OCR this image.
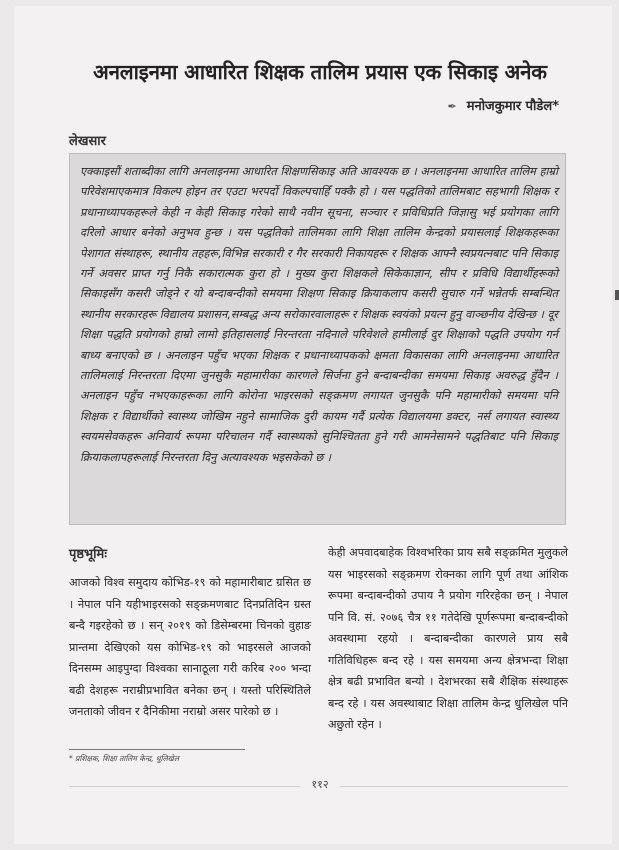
अनलाइनमा आधारित शिक्षक तालिम प्रयास एक सिकाइ अनेक
✒ मनोजकुमार पौडेल*
लेखसार
एक्काइसौं शताब्दीका लागि अनलाइनमा आधारित शिक्षणसिकाइ अति आवश्यक छ । अनलाइनमा आधारित तालिम हाम्रो परिवेशमाएकमात्र विकल्प होइन तर एउटा भरपर्दो विकल्पचाहिँ पक्कै हो । यस पद्धतिको तालिमबाट सहभागी शिक्षक र प्रधानाध्यापकहरूले केही न केही सिकाइ गरेको साथै नवीन सूचना, सञ्चार र प्रविधिप्रति जिज्ञासु भई प्रयोगका लागि दरिलो आधार बनेको अनुभव हुन्छ । यस पद्धतिको तालिमका लागि शिक्षा तालिम केन्द्रको प्रयासलाई शिक्षकहरूका पेशागत संस्थाहरू, स्थानीय तहहरू,विभिन्न सरकारी र गैर सरकारी निकायहरू र शिक्षक आफ्नै स्वप्रयत्नबाट पनि सिकाइ गर्ने अवसर प्राप्त गर्नु निकै सकारात्मक कुरा हो । मुख्य कुरा शिक्षकले सिकेकाज्ञान, सीप र प्रविधि विद्यार्थीहरूको सिकाइसँग कसरी जोड्ने र यो बन्दाबन्दीको समयमा शिक्षण सिकाइ क्रियाकलाप कसरी सुचारु गर्ने भन्नेतर्फ सम्बन्धित स्थानीय सरकारहरू विद्यालय प्रशासन,सम्बद्ध अन्य सरोकारवालाहरू र शिक्षक स्वयंको प्रयत्न हुनु वाञ्छनीय देखिन्छ । दूर शिक्षा पद्धति प्रयोगको हाम्रो लामो इतिहासलाई निरन्तरता नदिनाले परिवेशले हामीलाई दुर शिक्षाको पद्धति उपयोग गर्न बाध्य बनाएको छ । अनलाइन पहुँच भएका शिक्षक र प्रधानाध्यापकको क्षमता विकासका लागि अनलाइनमा आधारित तालिमलाई निरन्तरता दिएमा जुनसुकै महामारीका कारणले सिर्जना हुने बन्दाबन्दीका समयमा सिकाइ अवरुद्ध हुँदैन । अनलाइन पहुँच नभएकाहरूका लागि कोरोना भाइरसको सङ्क्रमण लगायत जुनसुकै पनि महामारीको समयमा पनि शिक्षक र विद्यार्थीको स्वास्थ्य जोखिम नहुने सामाजिक दुरी कायम गर्दै प्रत्येक विद्यालयमा डक्टर, नर्स लगायत स्वास्थ्य स्वयमसेवकहरू अनिवार्य रूपमा परिचालन गर्दै स्वास्थ्यको सुनिश्चितता हुने गरी आमनेसामने पद्धतिबाट पनि सिकाइ क्रियाकलापहरूलाई निरन्तरता दिनु अत्यावश्यक भइसकेको छ ।
पृष्ठभूमिः
आजको विश्व समुदाय कोभिड-१९ को महामारीबाट ग्रसित छ । नेपाल पनि यहीभाइरसको सङ्क्रमणबाट दिनप्रतिदिन ग्रस्त बन्दै गइरहेको छ । सन् २०१९ को डिसेम्बरमा चिनको वुहाङ प्रान्तमा देखिएको यस कोभिड-१९ को भाइरसले आजको दिनसम्म आइपुग्दा विश्वका सानाठूला गरी करिब २०० भन्दा बढी देशहरू नराम्रीप्रभावित बनेका छन् । यस्तो परिस्थितिले जनताको जीवन र दैनिकीमा नराम्रो असर पारेको छ ।
केही अपवादबाहेक विश्वभरिका प्राय सबै सङ्क्रमित मुलुकले यस भाइरसको सङ्क्रमण रोक्नका लागि पूर्ण तथा आंशिक रूपमा बन्दाबन्दीको उपाय नै प्रयोग गरिरहेका छन् । नेपाल पनि वि. सं. २०७६ चैत्र ११ गतेदेखि पूर्णरूपमा बन्दाबन्दीको अवस्थामा रहयो । बन्दाबन्दीका कारणले प्राय सबै गतिविधिहरू बन्द रहे । यस समयमा अन्य क्षेत्रभन्दा शिक्षा क्षेत्र बढी प्रभावित बन्यो । देशभरका सबै शैक्षिक संस्थाहरू बन्द रहे । यस अवस्थाबाट शिक्षा तालिम केन्द्र धुलिखेल पनि अछुतो रहेन ।
* प्रशिक्षक, शिक्षा तालिम केन्द्र, धुलिखेल
११२
